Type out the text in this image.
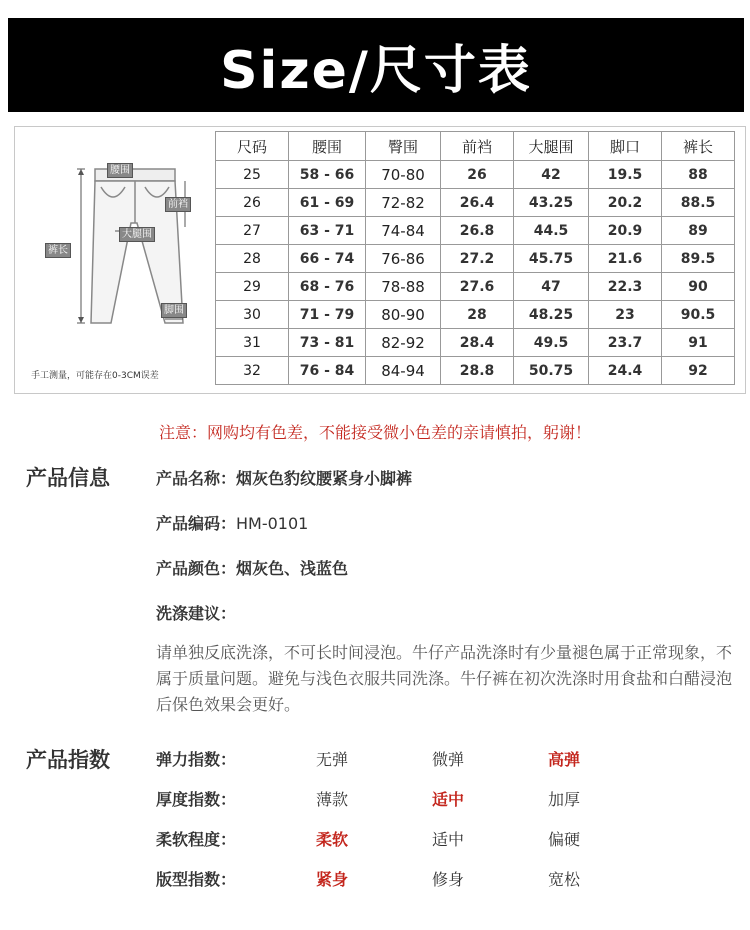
Size/尺寸表
腰围
前裆
裤长
大腿围
脚围
手工测量，可能存在0-3CM误差
尺码	腰围	臀围	前裆	大腿围	脚口	裤长
25	58 - 66	70-80	26	42	19.5	88
26	61 - 69	72-82	26.4	43.25	20.2	88.5
27	63 - 71	74-84	26.8	44.5	20.9	89
28	66 - 74	76-86	27.2	45.75	21.6	89.5
29	68 - 76	78-88	27.6	47	22.3	90
30	71 - 79	80-90	28	48.25	23	90.5
31	73 - 81	82-92	28.4	49.5	23.7	91
32	76 - 84	84-94	28.8	50.75	24.4	92
注意：网购均有色差，不能接受微小色差的亲请慎拍，躬谢！
产品信息	产品名称：烟灰色豹纹腰紧身小脚裤
产品编码：HM-0101
产品颜色：烟灰色、浅蓝色
洗涤建议：
请单独反底洗涤，不可长时间浸泡。牛仔产品洗涤时有少量褪色属于正常现象，不属于质量问题。避免与浅色衣服共同洗涤。牛仔裤在初次洗涤时用食盐和白醋浸泡后保色效果会更好。
产品指数	弹力指数：	无弹	微弹	高弹
厚度指数：	薄款	适中	加厚
柔软程度：	柔软	适中	偏硬
版型指数：	紧身	修身	宽松
